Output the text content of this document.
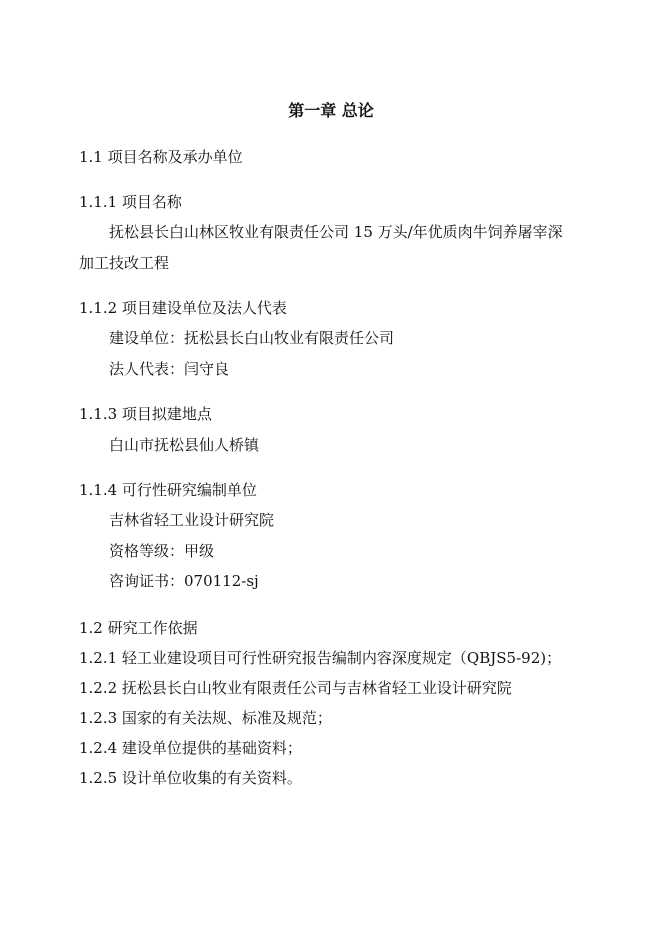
第一章 总论
1.1 项目名称及承办单位
1.1.1 项目名称
抚松县长白山林区牧业有限责任公司 15 万头/年优质肉牛饲养屠宰深
加工技改工程
1.1.2 项目建设单位及法人代表
建设单位：抚松县长白山牧业有限责任公司
法人代表：闫守良
1.1.3 项目拟建地点
白山市抚松县仙人桥镇
1.1.4 可行性研究编制单位
吉林省轻工业设计研究院
资格等级：甲级
咨询证书：070112-sj
1.2 研究工作依据
1.2.1 轻工业建设项目可行性研究报告编制内容深度规定（QBJS5-92)；
1.2.2 抚松县长白山牧业有限责任公司与吉林省轻工业设计研究院
1.2.3 国家的有关法规、标准及规范；
1.2.4 建设单位提供的基础资料；
1.2.5 设计单位收集的有关资料。
